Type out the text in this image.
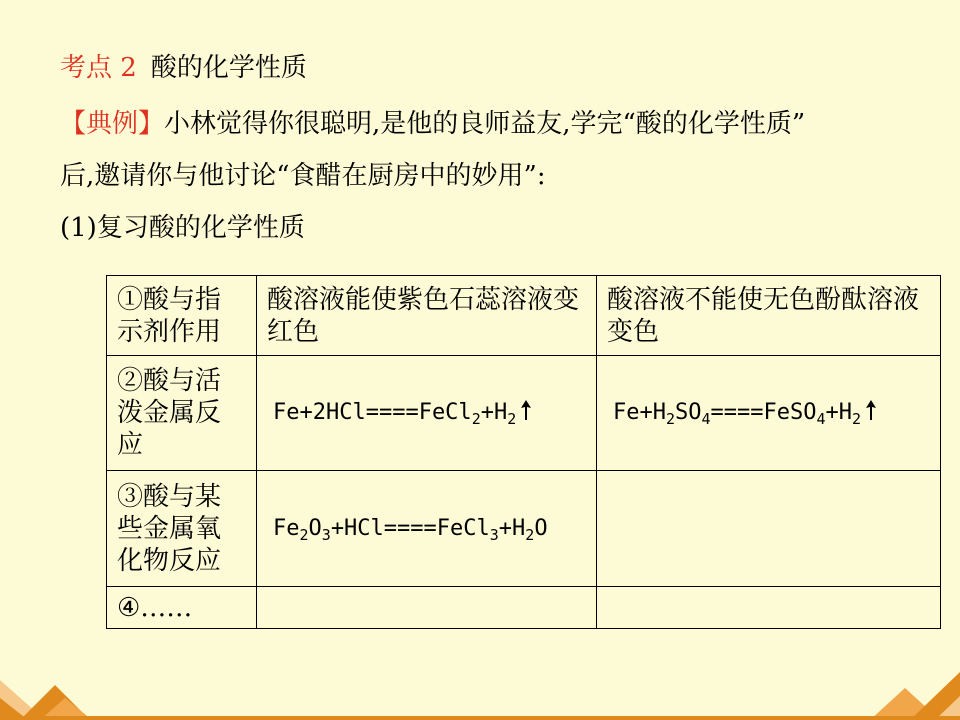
考点 2 酸的化学性质
【典例】小林觉得你很聪明,是他的良师益友,学完“酸的化学性质”
后,邀请你与他讨论“食醋在厨房中的妙用”:
(1)复习酸的化学性质
①酸与指示剂作用	酸溶液能使紫色石蕊溶液变红色	酸溶液不能使无色酚酞溶液变色
②酸与活泼金属反应	$Fe+2HCl====FeCl_2+H_2$	$Fe+H_2SO_4====FeSO_4+H_2$
③酸与某些金属氧化物反应	$Fe_2O_3+HCl====FeCl_3+H_2O$	
④……		
